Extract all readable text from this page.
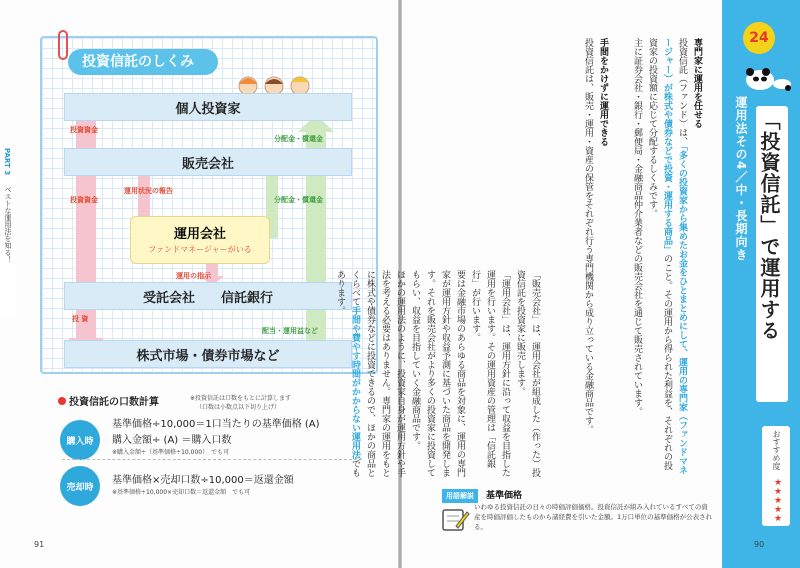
PART 3
ベストな運用法を知る！
投資信託のしくみ
個人投資家
販売会社
受託会社　　信託銀行
株式市場・債券市場など
運用会社
ファンドマネージャーがいる
投資資金
投資資金
投 資
分配金・償還金
分配金・償還金
配当・運用益など
運用状況の報告
運用の指示
投資信託の口数計算	※投資信託は口数をもとに計算します
（口数は小数点以下切り上げ）
購入時
基準価格÷10,000＝1口当たりの基準価格 (A)
購入金額÷ (A) ＝購入口数
※購入金額÷（基準価格÷10,000）　でも可
売却時
基準価格×売却口数÷10,000＝返還金額
※基準価格÷10,000×売却口数＝返還金額　でも可
91
24
運用法その4／中・長期向き 「投資信託」で運用する
おすすめ度
★★★★★
専門家に運用を任せる
投資信託（ファンド）は、「多くの投資家から集めたお金をひとまとめにして、運用の専門家（ファンドマネージャー）が株式や債券などで投資・運用する商品」のこと。その運用から得られた利益を、それぞれの投資家の投資額に応じて分配するしくみです。
主に証券会社・銀行・郵便局・金融商品仲介業者などの販売会社を通じて販売されています。
手間をかけずに運用できる
投資信託は、販売・運用・資産の保管をそれぞれ行う専門機関から成り立っている金融商品です。
「販売会社」は、運用会社が組成した（作った）投資信託を投資家に販売します。
「運用会社」は、運用方針に沿って収益を目指した運用を行います。その運用資産の管理は「信託銀行」が行います。
要は金融市場のあらゆる商品を対象に、運用の専門家が運用方針や収益予測に基づいた商品を開発します。それを販売会社がより多くの投資家に投資してもらい、収益を目指していく金融商品です。
ほかの運用法のように、投資家自身が運用方針や手法を考える必要はありません。専門家の運用をもとに株式や債券などに投資できるので、ほかの商品とくらべて手間や費やす時間がかからない運用法でもあります。
用語解説	基準価格
いわゆる投資信託の日々の時価評価価格。投資信託が組み入れているすべての資産を時価評価したものから諸経費を引いた金額。1万口単位の基準価格が公表される。
90
